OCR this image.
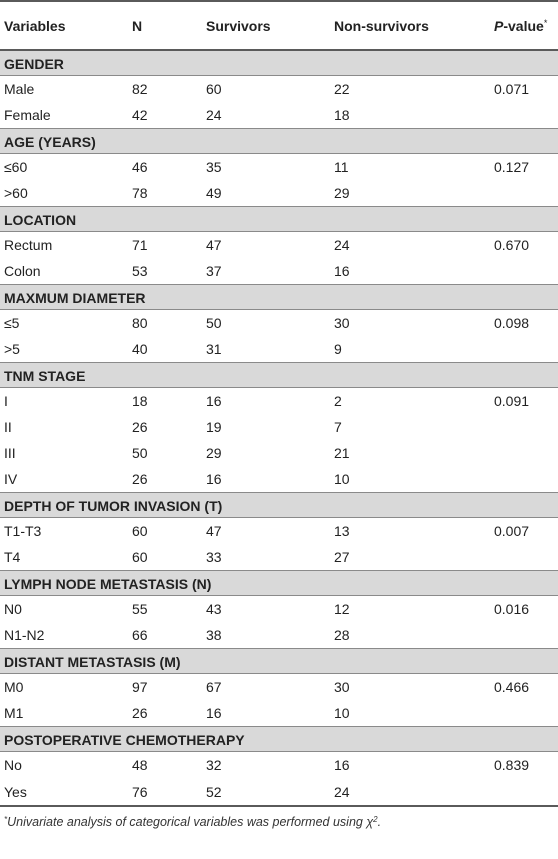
Variables	N	Survivors	Non-survivors	P-value*
GENDER				
Male	82	60	22	0.071
Female	42	24	18	
AGE (YEARS)				
≤60	46	35	11	0.127
>60	78	49	29	
LOCATION				
Rectum	71	47	24	0.670
Colon	53	37	16	
MAXMUM DIAMETER				
≤5	80	50	30	0.098
>5	40	31	9	
TNM STAGE				
I	18	16	2	0.091
II	26	19	7	
III	50	29	21	
IV	26	16	10	
DEPTH OF TUMOR INVASION (T)				
T1-T3	60	47	13	0.007
T4	60	33	27	
LYMPH NODE METASTASIS (N)				
N0	55	43	12	0.016
N1-N2	66	38	28	
DISTANT METASTASIS (M)				
M0	97	67	30	0.466
M1	26	16	10	
POSTOPERATIVE CHEMOTHERAPY				
No	48	32	16	0.839
Yes	76	52	24	
*Univariate analysis of categorical variables was performed using $\chi^2$.
